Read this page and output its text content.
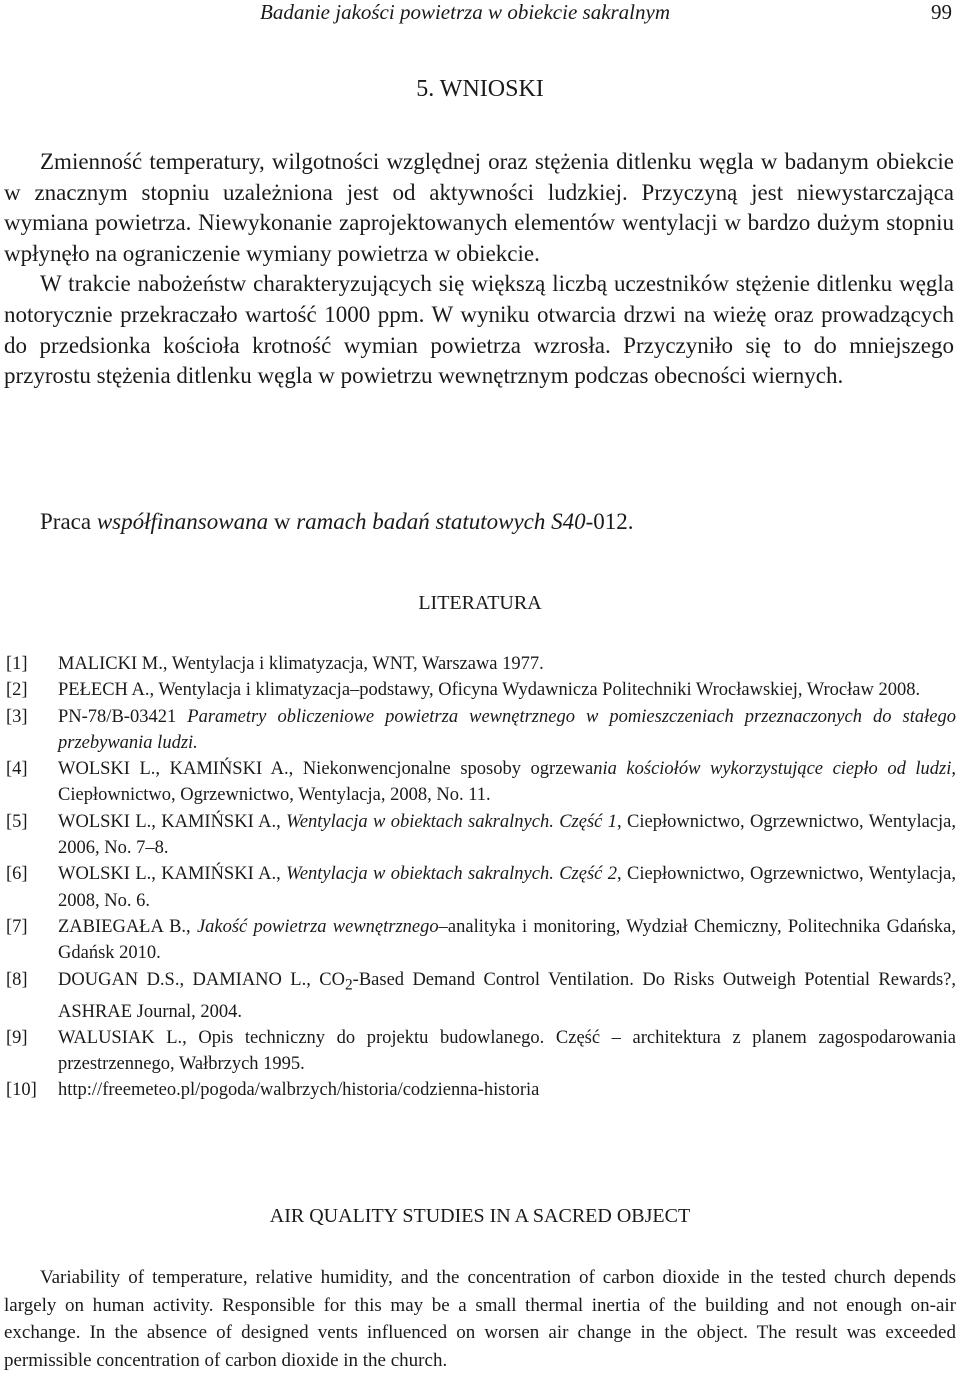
Badanie jakości powietrza w obiekcie sakralnym	99
5. WNIOSKI

Zmienność temperatury, wilgotności względnej oraz stężenia ditlenku węgla w badanym obiekcie w znacznym stopniu uzależniona jest od aktywności ludzkiej. Przyczyną jest niewystarczająca wymiana powietrza. Niewykonanie zaprojektowanych elementów wentylacji w bardzo dużym stopniu wpłynęło na ograniczenie wymiany powietrza w obiekcie.

W trakcie nabożeństw charakteryzujących się większą liczbą uczestników stężenie ditlenku węgla notorycznie przekraczało wartość 1000 ppm. W wyniku otwarcia drzwi na wieżę oraz prowadzących do przedsionka kościoła krotność wymian powietrza wzrosła. Przyczyniło się to do mniejszego przyrostu stężenia ditlenku węgla w powietrzu wewnętrznym podczas obecności wiernych.

Praca współfinansowana w ramach badań statutowych S40-012.
LITERATURA
[1]	MALICKI M., Wentylacja i klimatyzacja, WNT, Warszawa 1977.
[2]	PEŁECH A., Wentylacja i klimatyzacja–podstawy, Oficyna Wydawnicza Politechniki Wrocławskiej, Wrocław 2008.
[3]	PN-78/B-03421 Parametry obliczeniowe powietrza wewnętrznego w pomieszczeniach przeznaczonych do stałego przebywania ludzi.
[4]	WOLSKI L., KAMIŃSKI A., Niekonwencjonalne sposoby ogrzewania kościołów wykorzystujące ciepło od ludzi, Ciepłownictwo, Ogrzewnictwo, Wentylacja, 2008, No. 11.
[5]	WOLSKI L., KAMIŃSKI A., Wentylacja w obiektach sakralnych. Część 1, Ciepłownictwo, Ogrzewnictwo, Wentylacja, 2006, No. 7–8.
[6]	WOLSKI L., KAMIŃSKI A., Wentylacja w obiektach sakralnych. Część 2, Ciepłownictwo, Ogrzewnictwo, Wentylacja, 2008, No. 6.
[7]	ZABIEGAŁA B., Jakość powietrza wewnętrznego–analityka i monitoring, Wydział Chemiczny, Politechnika Gdańska, Gdańsk 2010.
[8]	DOUGAN D.S., DAMIANO L., $CO_2$-Based Demand Control Ventilation. Do Risks Outweigh Potential Rewards?, ASHRAE Journal, 2004.
[9]	WALUSIAK L., Opis techniczny do projektu budowlanego. Część – architektura z planem zagospodarowania przestrzennego, Wałbrzych 1995.
[10]	http://freemeteo.pl/pogoda/walbrzych/historia/codzienna-historia
AIR QUALITY STUDIES IN A SACRED OBJECT

Variability of temperature, relative humidity, and the concentration of carbon dioxide in the tested church depends largely on human activity. Responsible for this may be a small thermal inertia of the building and not enough on-air exchange. In the absence of designed vents influenced on worsen air change in the object. The result was exceeded permissible concentration of carbon dioxide in the church.
